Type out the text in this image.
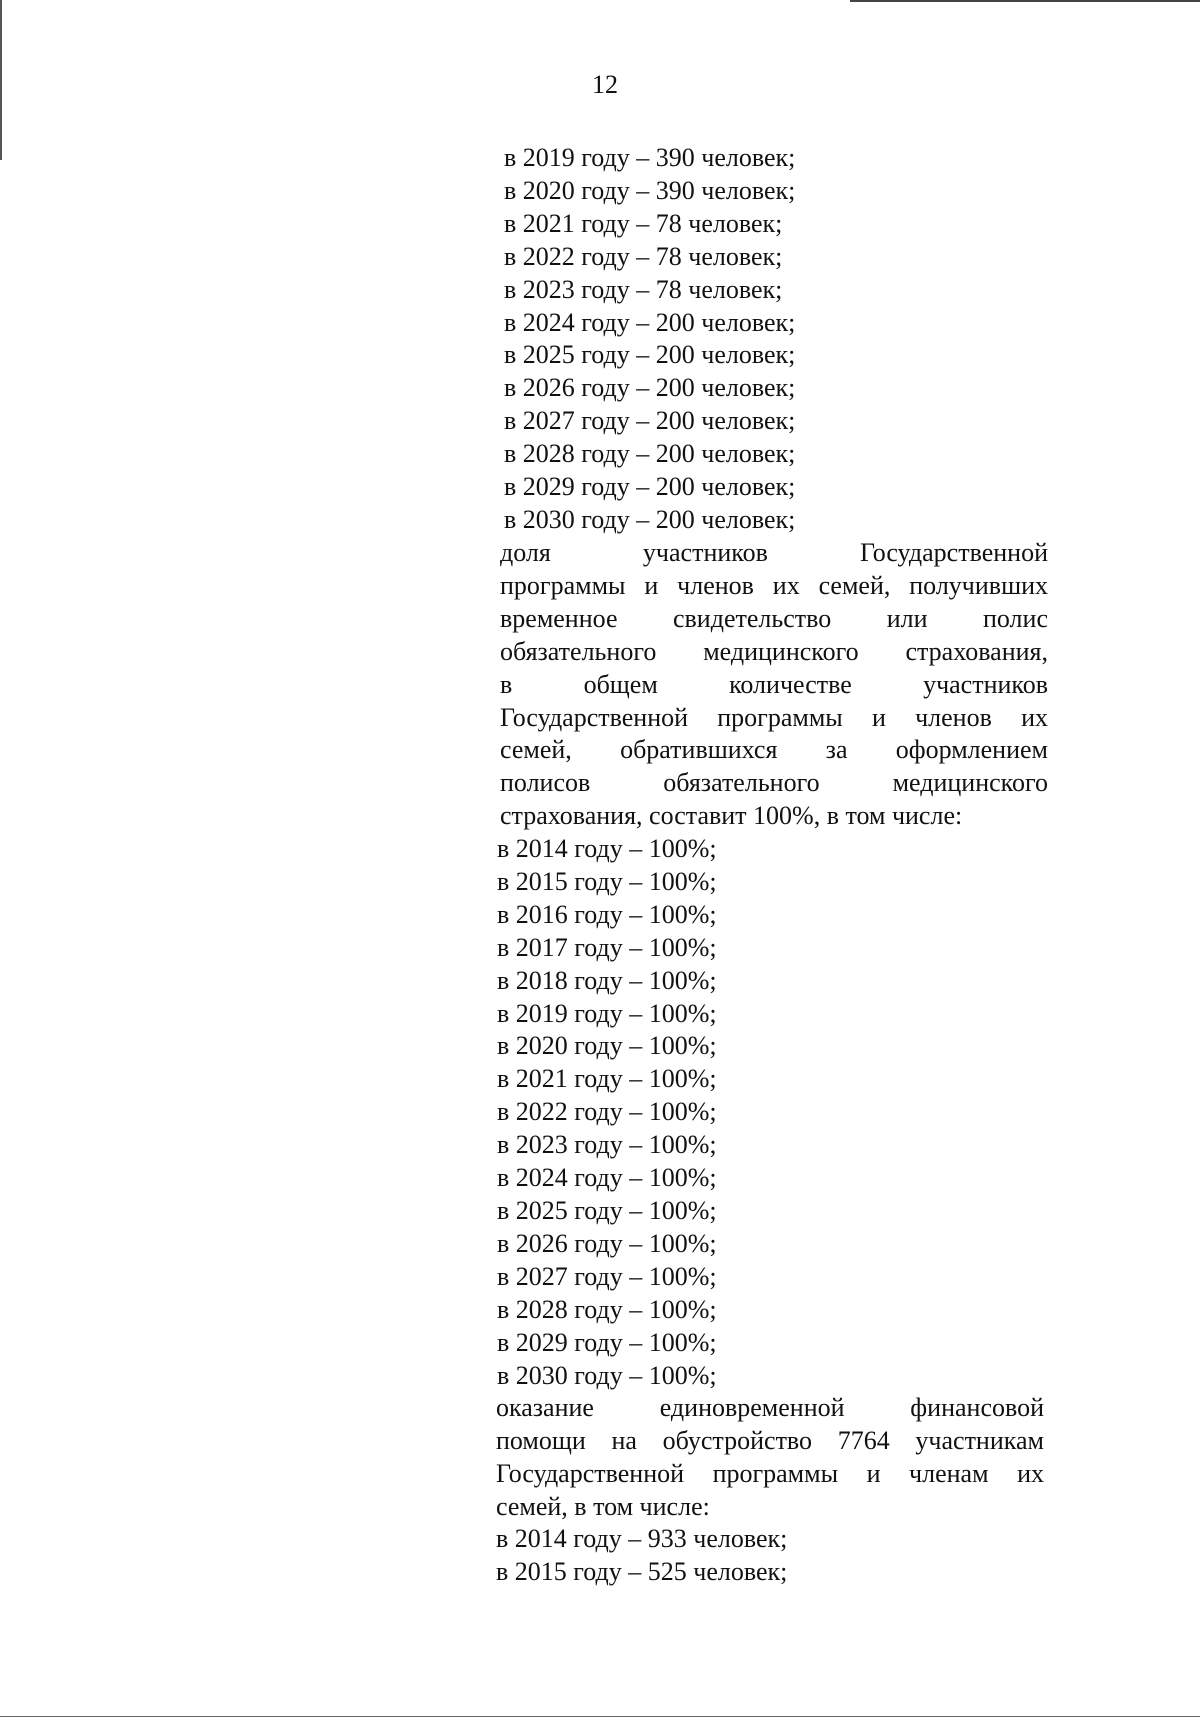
12
в 2019 году – 390 человек;
в 2020 году – 390 человек;
в 2021 году – 78 человек;
в 2022 году – 78 человек;
в 2023 году – 78 человек;
в 2024 году – 200 человек;
в 2025 году – 200 человек;
в 2026 году – 200 человек;
в 2027 году – 200 человек;
в 2028 году – 200 человек;
в 2029 году – 200 человек;
в 2030 году – 200 человек;
доля участников Государственной
программы и членов их семей, получивших
временное свидетельство или полис
обязательного медицинского страхования,
в общем количестве участников
Государственной программы и членов их
семей, обратившихся за оформлением
полисов обязательного медицинского
страхования, составит 100%, в том числе:
в 2014 году – 100%;
в 2015 году – 100%;
в 2016 году – 100%;
в 2017 году – 100%;
в 2018 году – 100%;
в 2019 году – 100%;
в 2020 году – 100%;
в 2021 году – 100%;
в 2022 году – 100%;
в 2023 году – 100%;
в 2024 году – 100%;
в 2025 году – 100%;
в 2026 году – 100%;
в 2027 году – 100%;
в 2028 году – 100%;
в 2029 году – 100%;
в 2030 году – 100%;
оказание единовременной финансовой
помощи на обустройство 7764 участникам
Государственной программы и членам их
семей, в том числе:
в 2014 году – 933 человек;
в 2015 году – 525 человек;
